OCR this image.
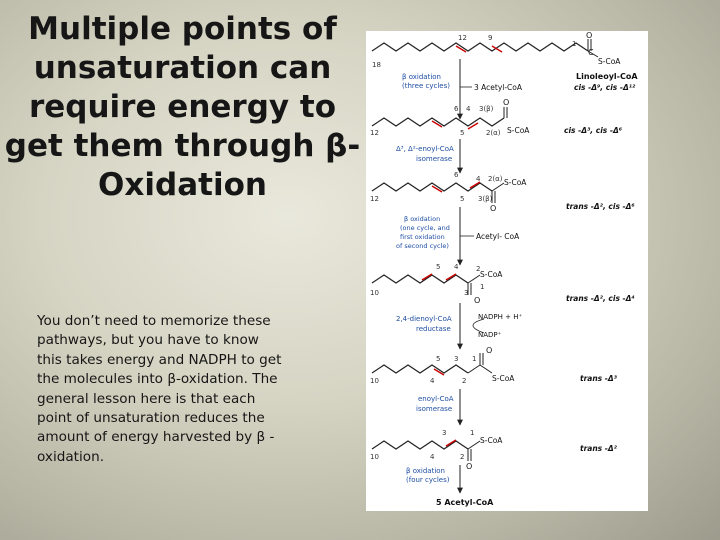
Multiple points of unsaturation can require energy to get them through β-Oxidation

You don’t need to memorize these pathways, but you have to know this takes energy and NADPH to get the molecules into β-oxidation. The general lesson here is that each point of unsaturation reduces the amount of energy harvested by β -oxidation.

C
O
S-CoA
18
12	9
1
Linoleoyl-CoA
cis -Δ⁹, cis -Δ¹²
β oxidation
(three cycles)	3 Acetyl-CoA
O
S-CoA
6 4 3(β)
12	5	2(α)	cis -Δ³, cis -Δ⁶
Δ³, Δ²-enoyl-CoA
isomerase
S-CoA
O
6	4 2(α)
12	5 3(β)
trans -Δ², cis -Δ⁶
β oxidation
(one cycle, and
first oxidation
of second cycle)
Acetyl- CoA
S-CoA
O
5 4	2
10	3
1
trans -Δ², cis -Δ⁴
2,4-dienoyl-CoA
reductase
NADPH + H⁺
NADP⁺
O
S-CoA
5 3 1
10	4	2	trans -Δ³
enoyl-CoA
isomerase
S-CoA
O
3	1
10	4	2
trans -Δ²
β oxidation
(four cycles)
5 Acetyl-CoA
